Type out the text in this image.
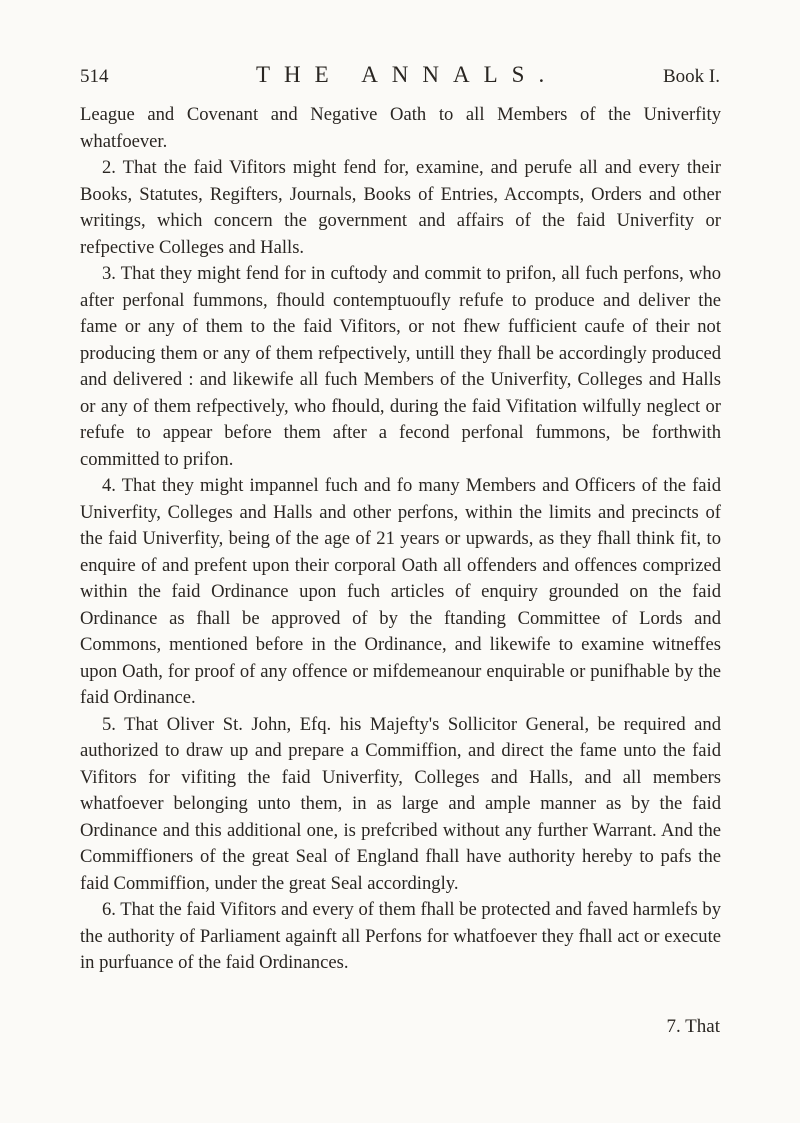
514	THE ANNALS.	Book I.

League and Covenant and Negative Oath to all Members of the Univerfity whatfoever.

2. That the faid Vifitors might fend for, examine, and perufe all and every their Books, Statutes, Regifters, Journals, Books of Entries, Accompts, Orders and other writings, which concern the government and affairs of the faid Univerfity or refpective Colleges and Halls.

3. That they might fend for in cuftody and commit to prifon, all fuch perfons, who after perfonal fummons, fhould contemptuoufly refufe to produce and deliver the fame or any of them to the faid Vifitors, or not fhew fufficient caufe of their not producing them or any of them refpectively, untill they fhall be accordingly produced and delivered : and likewife all fuch Members of the Univerfity, Colleges and Halls or any of them refpectively, who fhould, during the faid Vifitation wilfully neglect or refufe to appear before them after a fecond perfonal fummons, be forthwith committed to prifon.

4. That they might impannel fuch and fo many Members and Officers of the faid Univerfity, Colleges and Halls and other perfons, within the limits and precincts of the faid Univerfity, being of the age of 21 years or upwards, as they fhall think fit, to enquire of and prefent upon their corporal Oath all offenders and offences comprized within the faid Ordinance upon fuch articles of enquiry grounded on the faid Ordinance as fhall be approved of by the ftanding Committee of Lords and Commons, mentioned before in the Ordinance, and likewife to examine witneffes upon Oath, for proof of any offence or mifdemeanour enquirable or punifhable by the faid Ordinance.

5. That Oliver St. John, Efq. his Majefty's Sollicitor General, be required and authorized to draw up and prepare a Commiffion, and direct the fame unto the faid Vifitors for vifiting the faid Univerfity, Colleges and Halls, and all members whatfoever belonging unto them, in as large and ample manner as by the faid Ordinance and this additional one, is prefcribed without any further Warrant. And the Commiffioners of the great Seal of England fhall have authority hereby to pafs the faid Commiffion, under the great Seal accordingly.

6. That the faid Vifitors and every of them fhall be protected and faved harmlefs by the authority of Parliament againft all Perfons for whatfoever they fhall act or execute in purfuance of the faid Ordinances.

7. That
